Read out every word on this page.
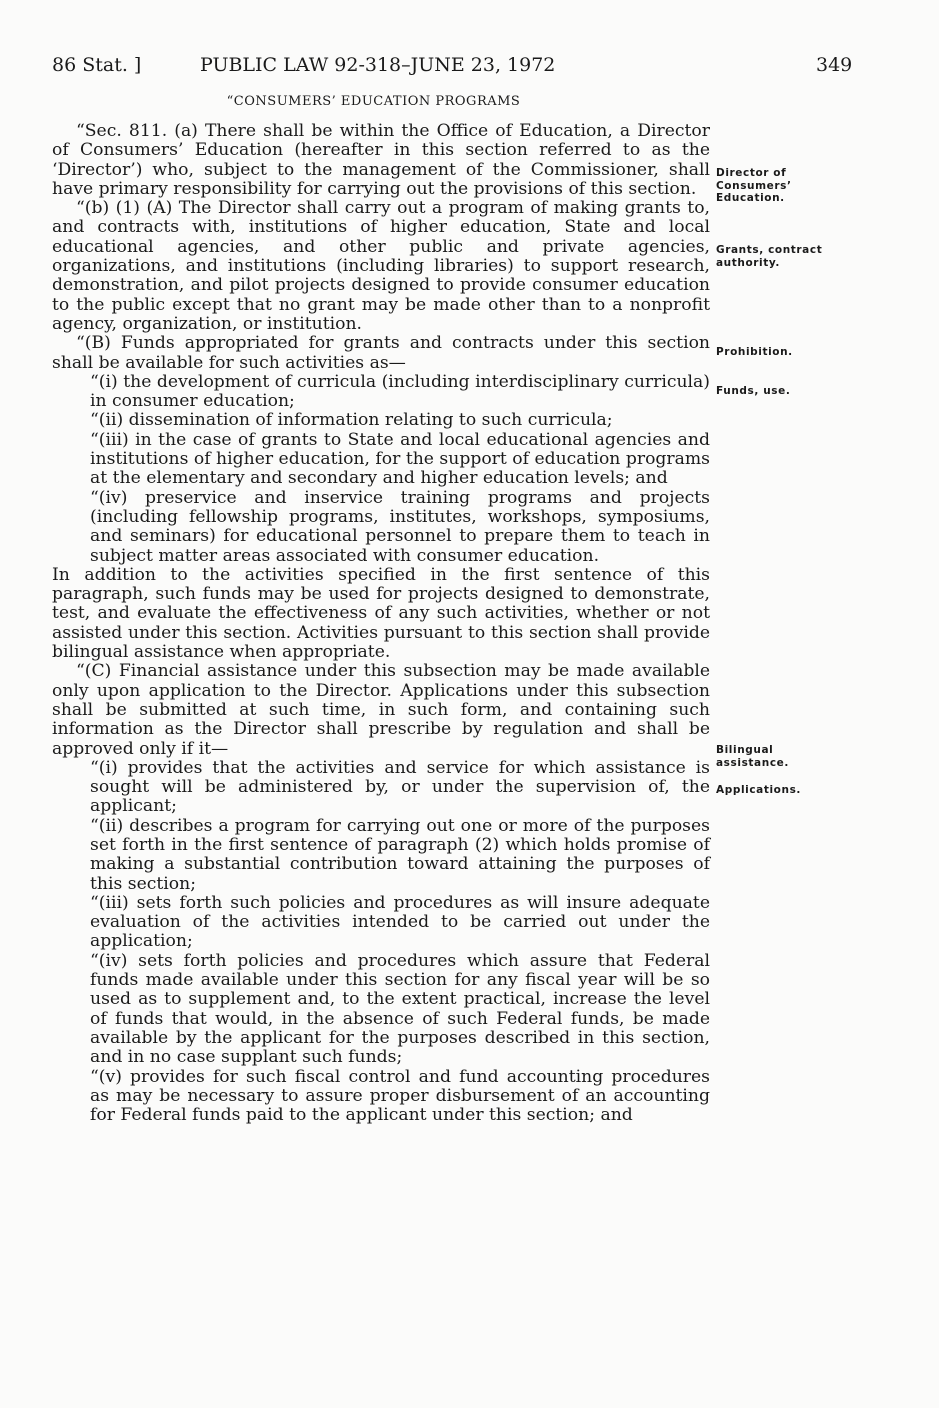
86 Stat. ]	PUBLIC LAW 92-318–JUNE 23, 1972	349
“CONSUMERS’ EDUCATION PROGRAMS

“Sec. 811. (a) There shall be within the Office of Education, a Director of Consumers’ Education (hereafter in this section referred to as the ‘Director’) who, subject to the management of the Commissioner, shall have primary responsibility for carrying out the provisions of this section.

“(b) (1) (A) The Director shall carry out a program of making grants to, and contracts with, institutions of higher education, State and local educational agencies, and other public and private agencies, organizations, and institutions (including libraries) to support research, demonstration, and pilot projects designed to provide consumer education to the public except that no grant may be made other than to a nonprofit agency, organization, or institution.

“(B) Funds appropriated for grants and contracts under this section shall be available for such activities as—

“(i) the development of curricula (including interdisciplinary curricula) in consumer education;

“(ii) dissemination of information relating to such curricula;

“(iii) in the case of grants to State and local educational agencies and institutions of higher education, for the support of education programs at the elementary and secondary and higher education levels; and

“(iv) preservice and inservice training programs and projects (including fellowship programs, institutes, workshops, symposiums, and seminars) for educational personnel to prepare them to teach in subject matter areas associated with consumer education.

In addition to the activities specified in the first sentence of this paragraph, such funds may be used for projects designed to demonstrate, test, and evaluate the effectiveness of any such activities, whether or not assisted under this section. Activities pursuant to this section shall provide bilingual assistance when appropriate.

“(C) Financial assistance under this subsection may be made available only upon application to the Director. Applications under this subsection shall be submitted at such time, in such form, and containing such information as the Director shall prescribe by regulation and shall be approved only if it—

“(i) provides that the activities and service for which assistance is sought will be administered by, or under the supervision of, the applicant;

“(ii) describes a program for carrying out one or more of the purposes set forth in the first sentence of paragraph (2) which holds promise of making a substantial contribution toward attaining the purposes of this section;

“(iii) sets forth such policies and procedures as will insure adequate evaluation of the activities intended to be carried out under the application;

“(iv) sets forth policies and procedures which assure that Federal funds made available under this section for any fiscal year will be so used as to supplement and, to the extent practical, increase the level of funds that would, in the absence of such Federal funds, be made available by the applicant for the purposes described in this section, and in no case supplant such funds;

“(v) provides for such fiscal control and fund accounting procedures as may be necessary to assure proper disbursement of an accounting for Federal funds paid to the applicant under this section; and

Director of Consumers’ Education.
Grants, contract authority.
Prohibition.
Funds, use.
Bilingual assistance.
Applications.
